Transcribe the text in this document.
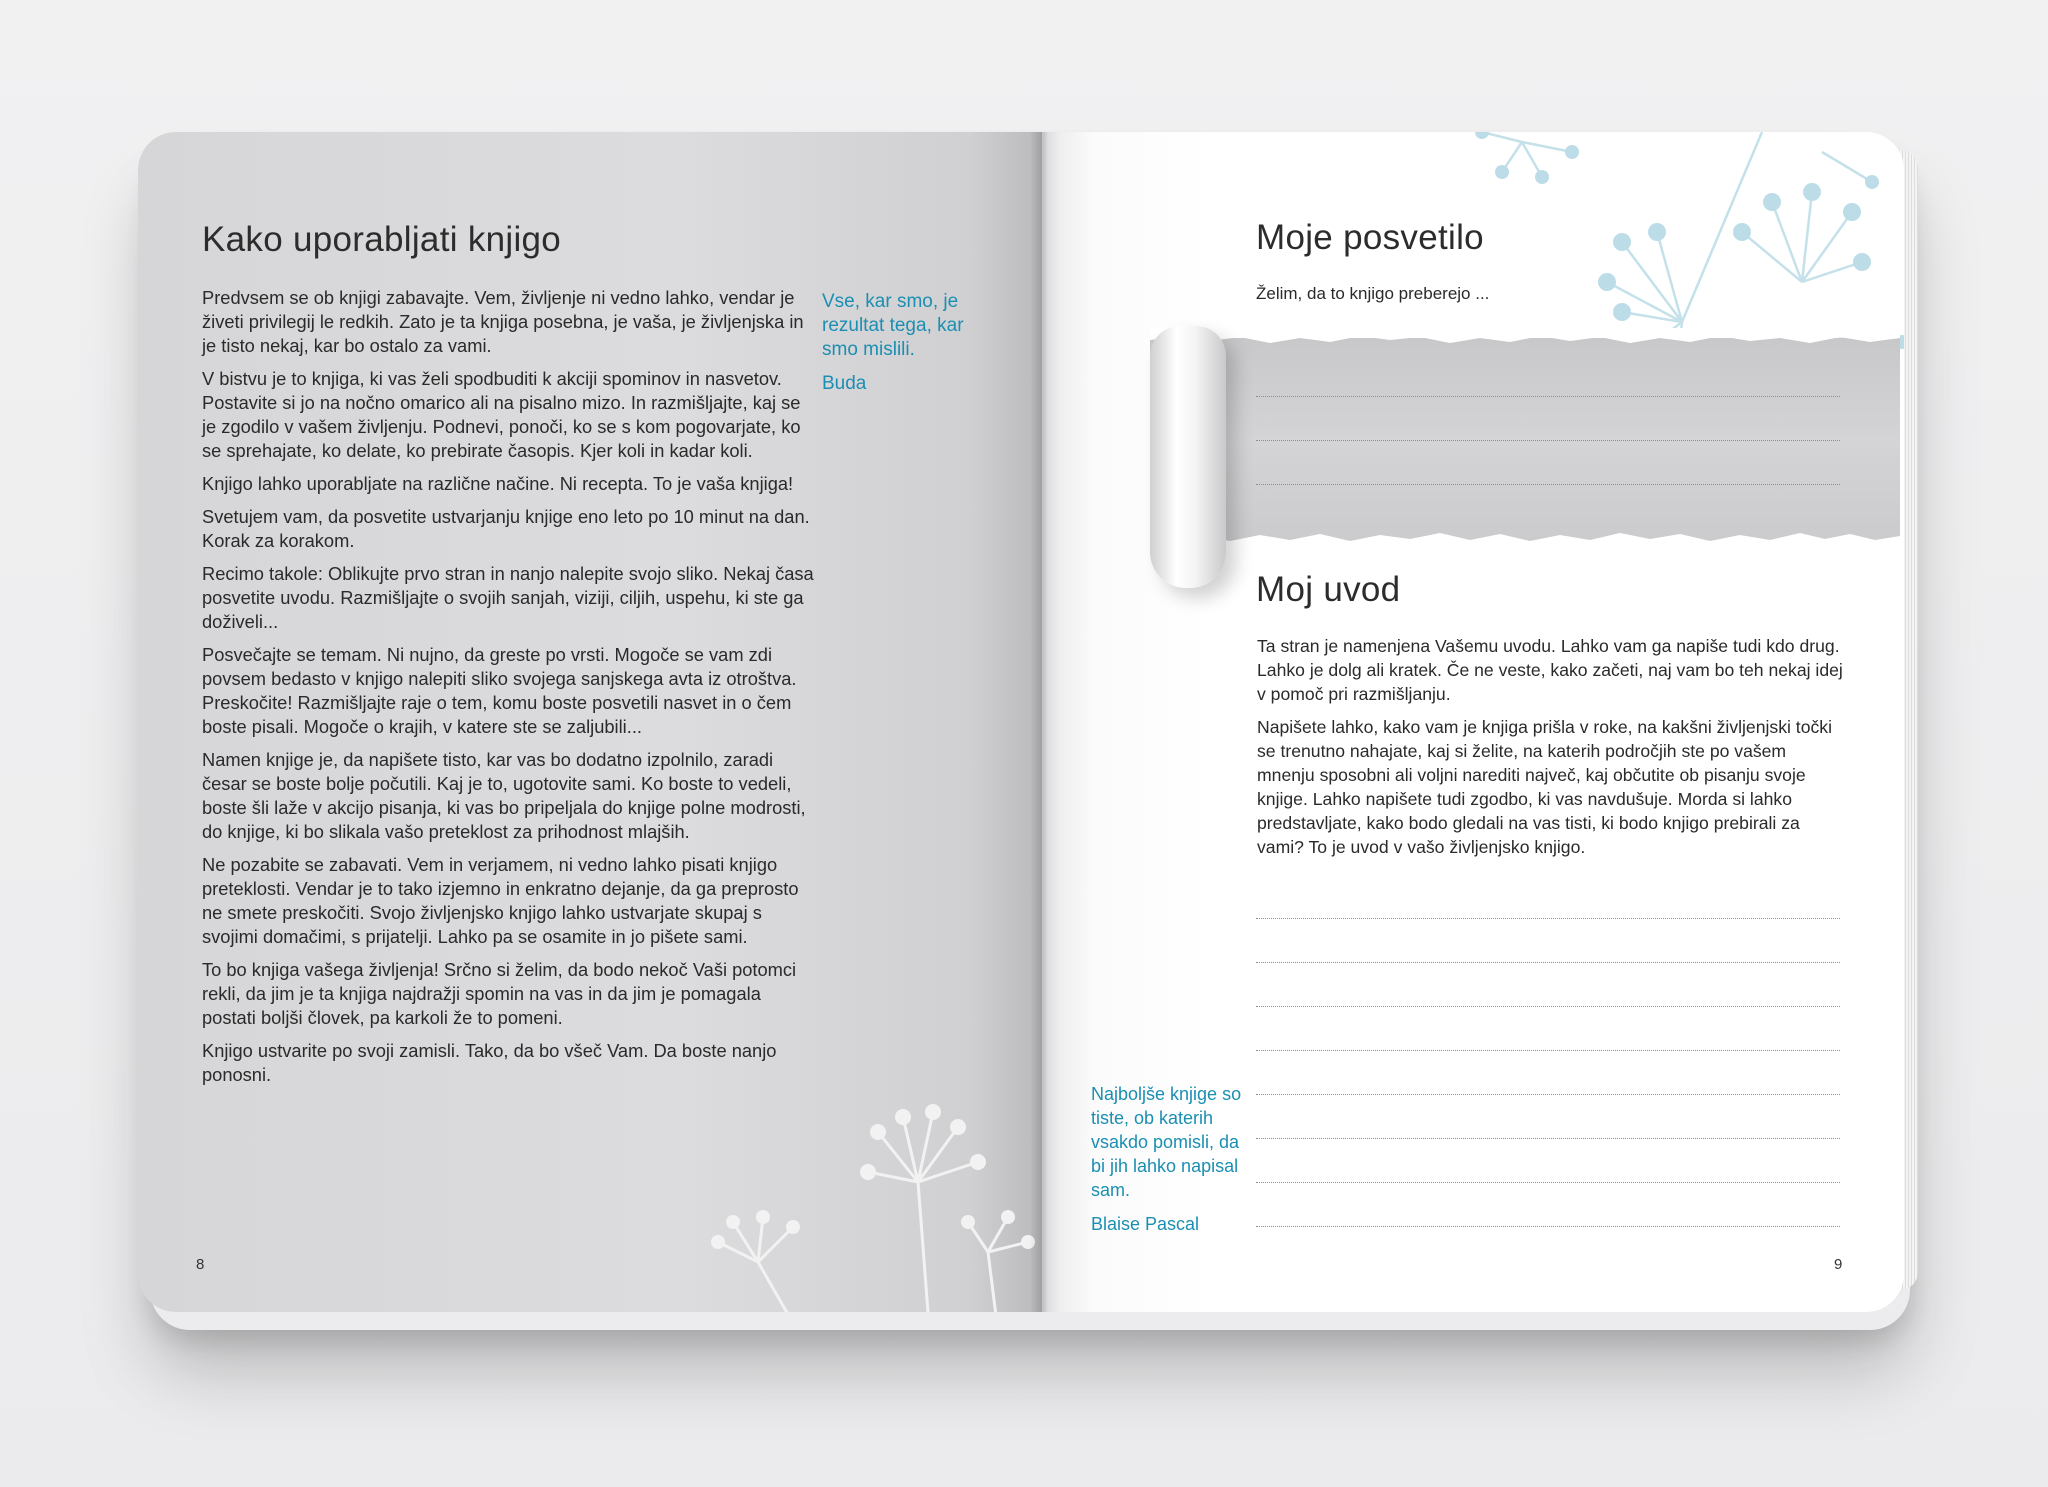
Kako uporabljati knjigo

Predvsem se ob knjigi zabavajte. Vem, življenje ni vedno lahko, vendar je živeti privilegij le redkih. Zato je ta knjiga posebna, je vaša, je življenjska in je tisto nekaj, kar bo ostalo za vami.

V bistvu je to knjiga, ki vas želi spodbuditi k akciji spominov in nasvetov. Postavite si jo na nočno omarico ali na pisalno mizo. In razmišljajte, kaj se je zgodilo v vašem življenju. Podnevi, ponoči, ko se s kom pogovarjate, ko se sprehajate, ko delate, ko prebirate časopis. Kjer koli in kadar koli.

Knjigo lahko uporabljate na različne načine. Ni recepta. To je vaša knjiga!

Svetujem vam, da posvetite ustvarjanju knjige eno leto po 10 minut na dan. Korak za korakom.

Recimo takole: Oblikujte prvo stran in nanjo nalepite svojo sliko. Nekaj časa posvetite uvodu. Razmišljajte o svojih sanjah, viziji, ciljih, uspehu, ki ste ga doživeli...

Posvečajte se temam. Ni nujno, da greste po vrsti. Mogoče se vam zdi povsem bedasto v knjigo nalepiti sliko svojega sanjskega avta iz otroštva. Preskočite! Razmišljajte raje o tem, komu boste posvetili nasvet in o čem boste pisali. Mogoče o krajih, v katere ste se zaljubili...

Namen knjige je, da napišete tisto, kar vas bo dodatno izpolnilo, zaradi česar se boste bolje počutili. Kaj je to, ugotovite sami. Ko boste to vedeli, boste šli laže v akcijo pisanja, ki vas bo pripeljala do knjige polne modrosti, do knjige, ki bo slikala vašo preteklost za prihodnost mlajših.

Ne pozabite se zabavati. Vem in verjamem, ni vedno lahko pisati knjigo preteklosti. Vendar je to tako izjemno in enkratno dejanje, da ga preprosto ne smete preskočiti. Svojo življenjsko knjigo lahko ustvarjate skupaj s svojimi domačimi, s prijatelji. Lahko pa se osamite in jo pišete sami.

To bo knjiga vašega življenja! Srčno si želim, da bodo nekoč Vaši potomci rekli, da jim je ta knjiga najdražji spomin na vas in da jim je pomagala postati boljši človek, pa karkoli že to pomeni.

Knjigo ustvarite po svoji zamisli. Tako, da bo všeč Vam. Da boste nanjo ponosni.

Vse, kar smo, je rezultat tega, kar smo mislili.
Buda
8
Moje posvetilo
Želim, da to knjigo preberejo ...
Moj uvod

Ta stran je namenjena Vašemu uvodu. Lahko vam ga napiše tudi kdo drug. Lahko je dolg ali kratek. Če ne veste, kako začeti, naj vam bo teh nekaj idej v pomoč pri razmišljanju.

Napišete lahko, kako vam je knjiga prišla v roke, na kakšni življenjski točki se trenutno nahajate, kaj si želite, na katerih področjih ste po vašem mnenju sposobni ali voljni narediti največ, kaj občutite ob pisanju svoje knjige. Lahko napišete tudi zgodbo, ki vas navdušuje. Morda si lahko predstavljate, kako bodo gledali na vas tisti, ki bodo knjigo prebirali za vami? To je uvod v vašo življenjsko knjigo.

Najboljše knjige so tiste, ob katerih vsakdo pomisli, da bi jih lahko napisal sam.
Blaise Pascal
9
